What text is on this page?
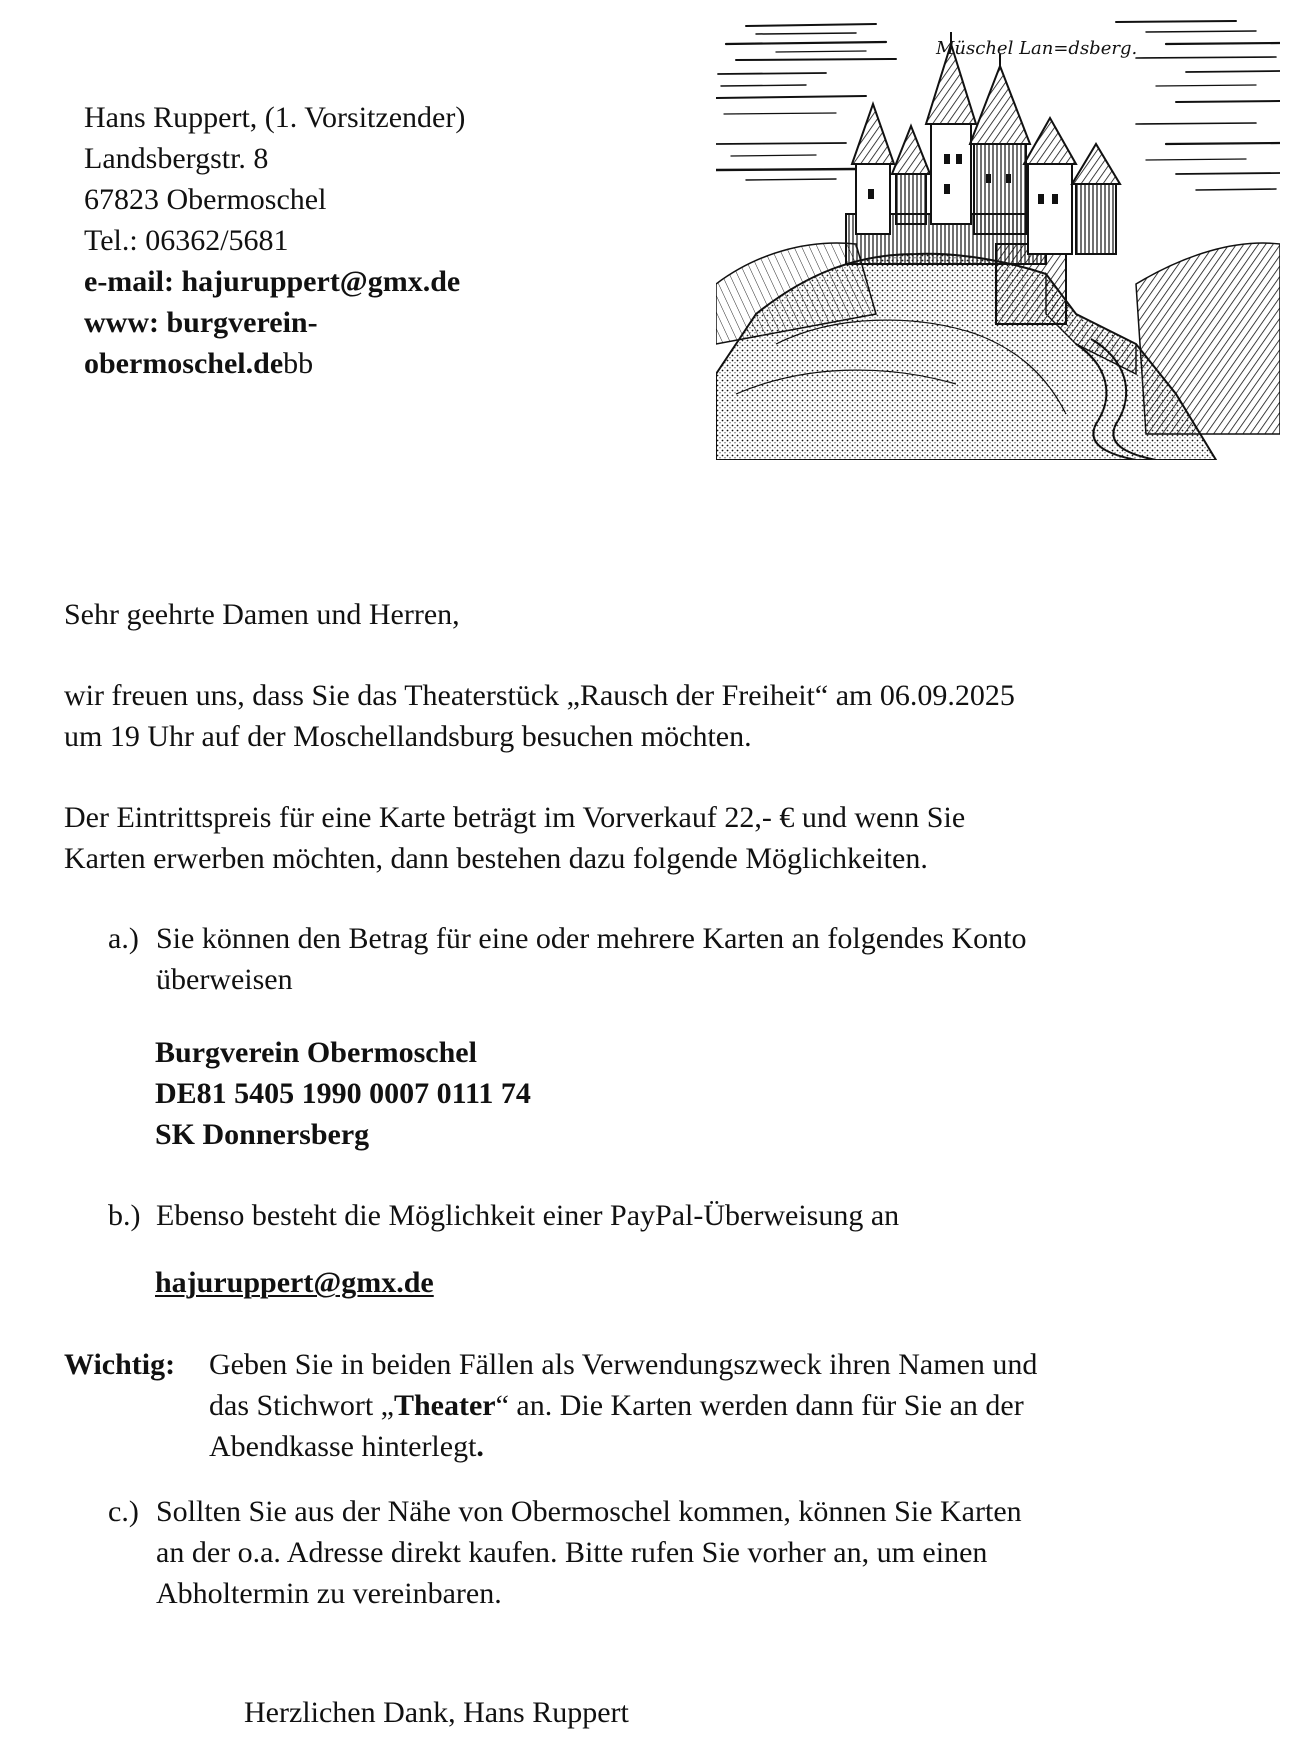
Hans Ruppert, (1. Vorsitzender)
Landsbergstr. 8
67823 Obermoschel
Tel.: 06362/5681
e-mail: hajuruppert@gmx.de
www: burgverein-
obermoschel.debb
Müschel Lan=dsberg.
Sehr geehrte Damen und Herren,
wir freuen uns, dass Sie das Theaterstück „Rausch der Freiheit“ am 06.09.2025
um 19 Uhr auf der Moschellandsburg besuchen möchten.
Der Eintrittspreis für eine Karte beträgt im Vorverkauf 22,- € und wenn Sie
Karten erwerben möchten, dann bestehen dazu folgende Möglichkeiten.
a.) Sie können den Betrag für eine oder mehrere Karten an folgendes Konto
überweisen
Burgverein Obermoschel
DE81 5405 1990 0007 0111 74
SK Donnersberg
b.) Ebenso besteht die Möglichkeit einer PayPal-Überweisung an
hajuruppert@gmx.de
Wichtig: Geben Sie in beiden Fällen als Verwendungszweck ihren Namen und
das Stichwort „Theater“ an. Die Karten werden dann für Sie an der
Abendkasse hinterlegt.
c.) Sollten Sie aus der Nähe von Obermoschel kommen, können Sie Karten
an der o.a. Adresse direkt kaufen. Bitte rufen Sie vorher an, um einen
Abholtermin zu vereinbaren.
Herzlichen Dank, Hans Ruppert
